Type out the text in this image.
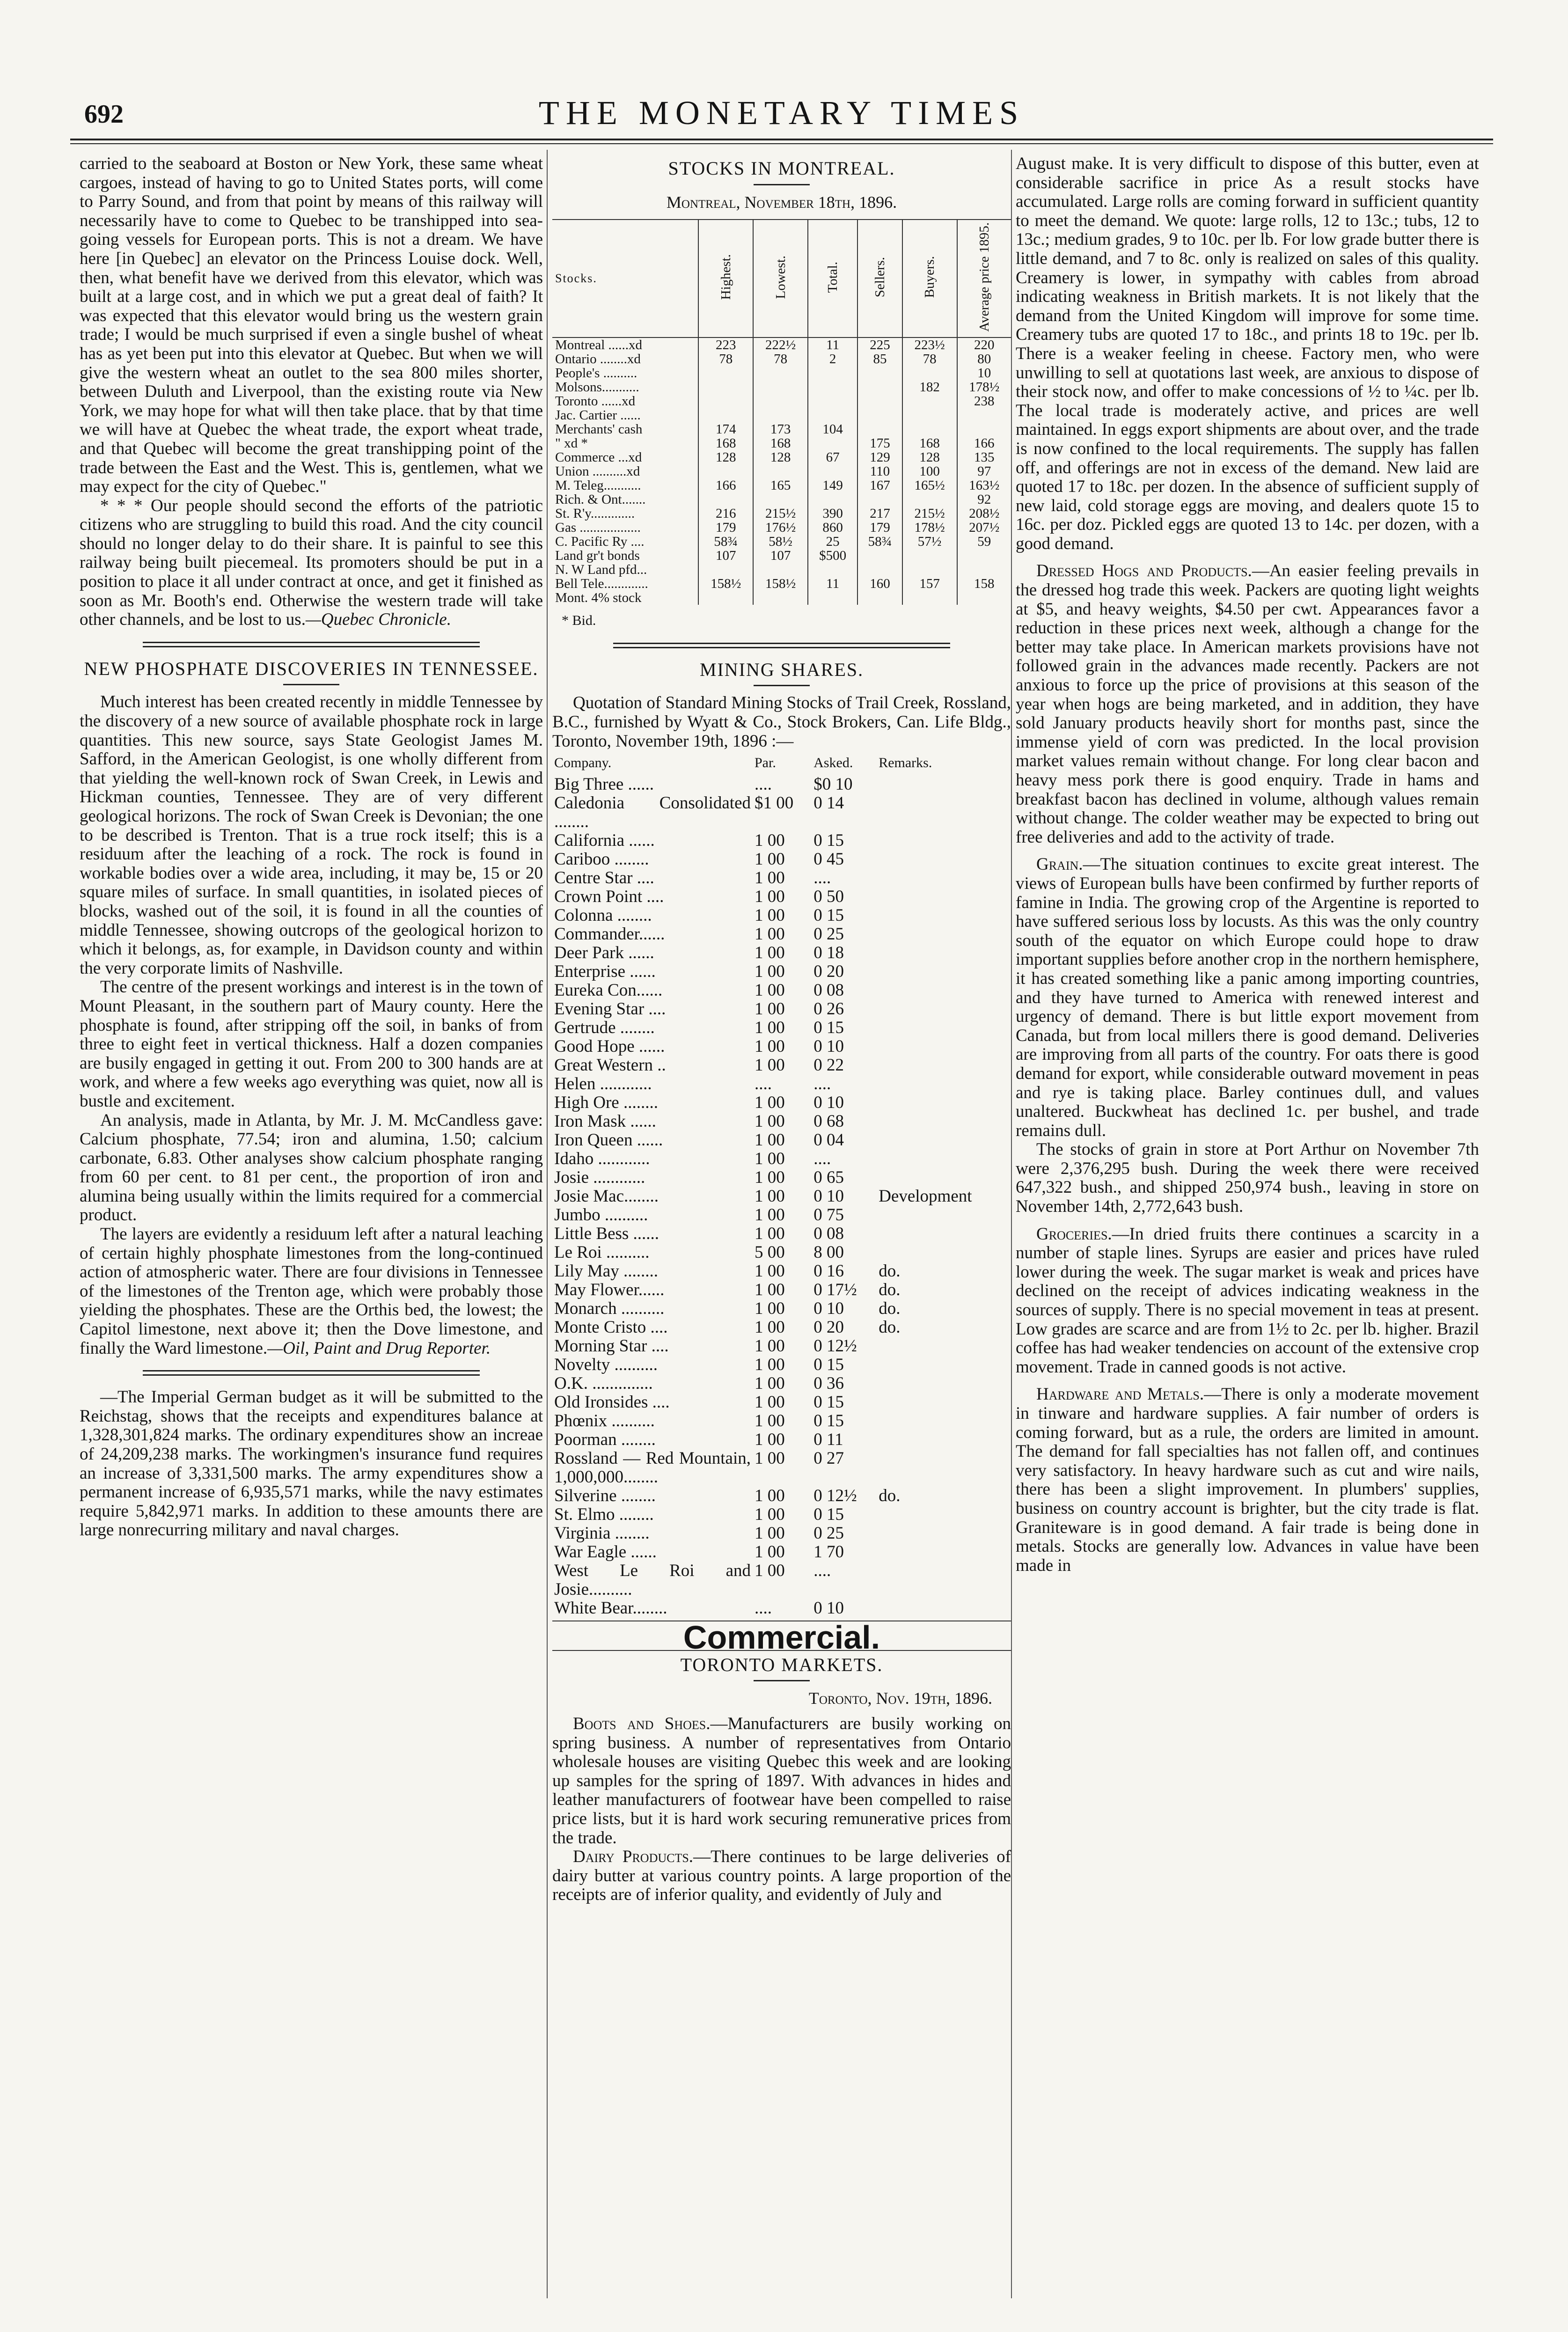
692	THE MONETARY TIMES

carried to the seaboard at Boston or New York, these same wheat cargoes, instead of having to go to United States ports, will come to Parry Sound, and from that point by means of this railway will necessarily have to come to Quebec to be transhipped into sea-going vessels for European ports. This is not a dream. We have here [in Quebec] an elevator on the Princess Louise dock. Well, then, what benefit have we derived from this elevator, which was built at a large cost, and in which we put a great deal of faith? It was expected that this elevator would bring us the western grain trade; I would be much surprised if even a single bushel of wheat has as yet been put into this elevator at Quebec. But when we will give the western wheat an outlet to the sea 800 miles shorter, between Duluth and Liverpool, than the existing route via New York, we may hope for what will then take place. that by that time we will have at Quebec the wheat trade, the export wheat trade, and that Quebec will become the great transhipping point of the trade between the East and the West. This is, gentlemen, what we may expect for the city of Quebec."

* * * Our people should second the efforts of the patriotic citizens who are struggling to build this road. And the city council should no longer delay to do their share. It is painful to see this railway being built piecemeal. Its promoters should be put in a position to place it all under contract at once, and get it finished as soon as Mr. Booth's end. Otherwise the western trade will take other channels, and be lost to us.—Quebec Chronicle.

NEW PHOSPHATE DISCOVERIES IN TENNESSEE.

Much interest has been created recently in middle Tennessee by the discovery of a new source of available phosphate rock in large quantities. This new source, says State Geologist James M. Safford, in the American Geologist, is one wholly different from that yielding the well-known rock of Swan Creek, in Lewis and Hickman counties, Tennessee. They are of very different geological horizons. The rock of Swan Creek is Devonian; the one to be described is Trenton. That is a true rock itself; this is a residuum after the leaching of a rock. The rock is found in workable bodies over a wide area, including, it may be, 15 or 20 square miles of surface. In small quantities, in isolated pieces of blocks, washed out of the soil, it is found in all the counties of middle Tennessee, showing outcrops of the geological horizon to which it belongs, as, for example, in Davidson county and within the very corporate limits of Nashville.

The centre of the present workings and interest is in the town of Mount Pleasant, in the southern part of Maury county. Here the phosphate is found, after stripping off the soil, in banks of from three to eight feet in vertical thickness. Half a dozen companies are busily engaged in getting it out. From 200 to 300 hands are at work, and where a few weeks ago everything was quiet, now all is bustle and excitement.

An analysis, made in Atlanta, by Mr. J. M. McCandless gave: Calcium phosphate, 77.54; iron and alumina, 1.50; calcium carbonate, 6.83. Other analyses show calcium phosphate ranging from 60 per cent. to 81 per cent., the proportion of iron and alumina being usually within the limits required for a commercial product.

The layers are evidently a residuum left after a natural leaching of certain highly phosphate limestones from the long-continued action of atmospheric water. There are four divisions in Tennessee of the limestones of the Trenton age, which were probably those yielding the phosphates. These are the Orthis bed, the lowest; the Capitol limestone, next above it; then the Dove limestone, and finally the Ward limestone.—Oil, Paint and Drug Reporter.

—The Imperial German budget as it will be submitted to the Reichstag, shows that the receipts and expenditures balance at 1,328,301,824 marks. The ordinary expenditures show an increae of 24,209,238 marks. The workingmen's insurance fund requires an increase of 3,331,500 marks. The army expenditures show a permanent increase of 6,935,571 marks, while the navy estimates require 5,842,971 marks. In addition to these amounts there are large nonrecurring military and naval charges.

STOCKS IN MONTREAL.
Montreal, November 18th, 1896.
Stocks.	Highest.	Lowest.	Total.	Sellers.	Buyers.	Average price 1895.
Montreal ......xd	223	222½	11	225	223½	220
Ontario ........xd	78	78	2	85	78	80
People's ..........						10
Molsons...........					182	178½
Toronto ......xd						238
Jac. Cartier ......						
Merchants' cash	174	173	104			
" xd *	168	168		175	168	166
Commerce ...xd	128	128	67	129	128	135
Union ..........xd				110	100	97
M. Teleg...........	166	165	149	167	165½	163½
Rich. & Ont.......						92
St. R'y.............	216	215½	390	217	215½	208½
Gas ..................	179	176½	860	179	178½	207½
C. Pacific Ry ....	58¾	58½	25	58¾	57½	59
Land gr't bonds	107	107	$500			
N. W Land pfd...						
Bell Tele.............	158½	158½	11	160	157	158
Mont. 4% stock						
* Bid.
MINING SHARES.

Quotation of Standard Mining Stocks of Trail Creek, Rossland, B.C., furnished by Wyatt & Co., Stock Brokers, Can. Life Bldg., Toronto, November 19th, 1896 :—

Company.	Par.	Asked.	Remarks.
Big Three ......	....	$0 10	
Caledonia Consolidated ........	$1 00	0 14	
California ......	1 00	0 15	
Cariboo ........	1 00	0 45	
Centre Star ....	1 00	....	
Crown Point ....	1 00	0 50	
Colonna ........	1 00	0 15	
Commander......	1 00	0 25	
Deer Park ......	1 00	0 18	
Enterprise ......	1 00	0 20	
Eureka Con......	1 00	0 08	
Evening Star ....	1 00	0 26	
Gertrude ........	1 00	0 15	
Good Hope ......	1 00	0 10	
Great Western ..	1 00	0 22	
Helen ............	....	....	
High Ore ........	1 00	0 10	
Iron Mask ......	1 00	0 68	
Iron Queen ......	1 00	0 04	
Idaho ............	1 00	....	
Josie ............	1 00	0 65	
Josie Mac........	1 00	0 10	Development
Jumbo ..........	1 00	0 75	
Little Bess ......	1 00	0 08	
Le Roi ..........	5 00	8 00	
Lily May ........	1 00	0 16	do.
May Flower......	1 00	0 17½	do.
Monarch ..........	1 00	0 10	do.
Monte Cristo ....	1 00	0 20	do.
Morning Star ....	1 00	0 12½	
Novelty ..........	1 00	0 15	
O.K. ..............	1 00	0 36	
Old Ironsides ....	1 00	0 15	
Phœnix ..........	1 00	0 15	
Poorman ........	1 00	0 11	
Rossland — Red Mountain, 1,000,000........	1 00	0 27	
Silverine ........	1 00	0 12½	do.
St. Elmo ........	1 00	0 15	
Virginia ........	1 00	0 25	
War Eagle ......	1 00	1 70	
West Le Roi and Josie..........	1 00	....	
White Bear........	....	0 10	
Commercial.
TORONTO MARKETS.
Toronto, Nov. 19th, 1896.

Boots and Shoes.—Manufacturers are busily working on spring business. A number of representatives from Ontario wholesale houses are visiting Quebec this week and are looking up samples for the spring of 1897. With advances in hides and leather manufacturers of footwear have been compelled to raise price lists, but it is hard work securing remunerative prices from the trade.

Dairy Products.—There continues to be large deliveries of dairy butter at various country points. A large proportion of the receipts are of inferior quality, and evidently of July and

August make. It is very difficult to dispose of this butter, even at considerable sacrifice in price As a result stocks have accumulated. Large rolls are coming forward in sufficient quantity to meet the demand. We quote: large rolls, 12 to 13c.; tubs, 12 to 13c.; medium grades, 9 to 10c. per lb. For low grade butter there is little demand, and 7 to 8c. only is realized on sales of this quality. Creamery is lower, in sympathy with cables from abroad indicating weakness in British markets. It is not likely that the demand from the United Kingdom will improve for some time. Creamery tubs are quoted 17 to 18c., and prints 18 to 19c. per lb. There is a weaker feeling in cheese. Factory men, who were unwilling to sell at quotations last week, are anxious to dispose of their stock now, and offer to make concessions of ½ to ¼c. per lb. The local trade is moderately active, and prices are well maintained. In eggs export shipments are about over, and the trade is now confined to the local requirements. The supply has fallen off, and offerings are not in excess of the demand. New laid are quoted 17 to 18c. per dozen. In the absence of sufficient supply of new laid, cold storage eggs are moving, and dealers quote 15 to 16c. per doz. Pickled eggs are quoted 13 to 14c. per dozen, with a good demand.

Dressed Hogs and Products.—An easier feeling prevails in the dressed hog trade this week. Packers are quoting light weights at $5, and heavy weights, $4.50 per cwt. Appearances favor a reduction in these prices next week, although a change for the better may take place. In American markets provisions have not followed grain in the advances made recently. Packers are not anxious to force up the price of provisions at this season of the year when hogs are being marketed, and in addition, they have sold January products heavily short for months past, since the immense yield of corn was predicted. In the local provision market values remain without change. For long clear bacon and heavy mess pork there is good enquiry. Trade in hams and breakfast bacon has declined in volume, although values remain without change. The colder weather may be expected to bring out free deliveries and add to the activity of trade.

Grain.—The situation continues to excite great interest. The views of European bulls have been confirmed by further reports of famine in India. The growing crop of the Argentine is reported to have suffered serious loss by locusts. As this was the only country south of the equator on which Europe could hope to draw important supplies before another crop in the northern hemisphere, it has created something like a panic among importing countries, and they have turned to America with renewed interest and urgency of demand. There is but little export movement from Canada, but from local millers there is good demand. Deliveries are improving from all parts of the country. For oats there is good demand for export, while considerable outward movement in peas and rye is taking place. Barley continues dull, and values unaltered. Buckwheat has declined 1c. per bushel, and trade remains dull.

The stocks of grain in store at Port Arthur on November 7th were 2,376,295 bush. During the week there were received 647,322 bush., and shipped 250,974 bush., leaving in store on November 14th, 2,772,643 bush.

Groceries.—In dried fruits there continues a scarcity in a number of staple lines. Syrups are easier and prices have ruled lower during the week. The sugar market is weak and prices have declined on the receipt of advices indicating weakness in the sources of supply. There is no special movement in teas at present. Low grades are scarce and are from 1½ to 2c. per lb. higher. Brazil coffee has had weaker tendencies on account of the extensive crop movement. Trade in canned goods is not active.

Hardware and Metals.—There is only a moderate movement in tinware and hardware supplies. A fair number of orders is coming forward, but as a rule, the orders are limited in amount. The demand for fall specialties has not fallen off, and continues very satisfactory. In heavy hardware such as cut and wire nails, there has been a slight improvement. In plumbers' supplies, business on country account is brighter, but the city trade is flat. Graniteware is in good demand. A fair trade is being done in metals. Stocks are generally low. Advances in value have been made in
